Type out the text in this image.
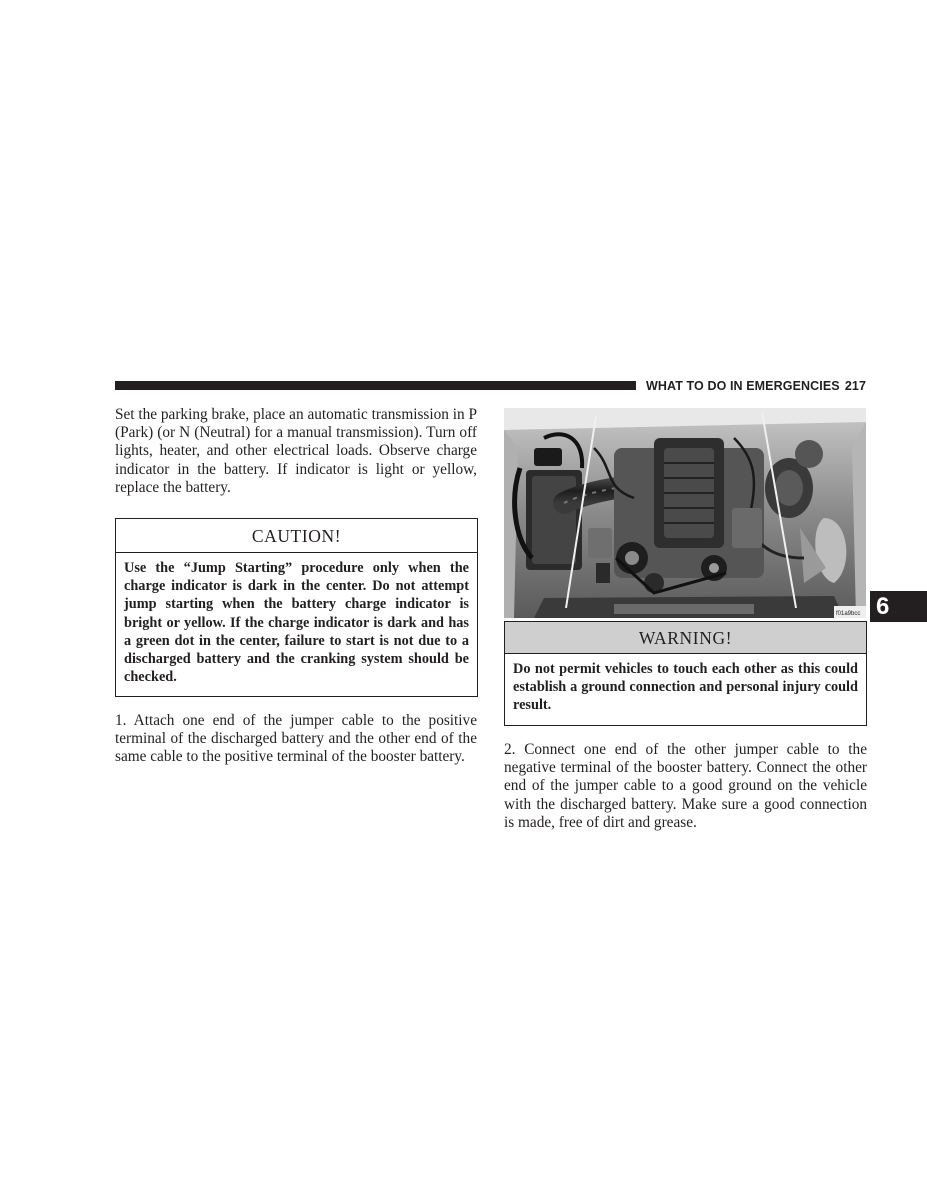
WHAT TO DO IN EMERGENCIES 217

Set the parking brake, place an automatic transmission in P (Park) (or N (Neutral) for a manual transmission). Turn off lights, heater, and other electrical loads. Observe charge indicator in the battery. If indicator is light or yellow, replace the battery.

CAUTION!

Use the “Jump Starting” procedure only when the charge indicator is dark in the center. Do not attempt jump starting when the battery charge indicator is bright or yellow. If the charge indicator is dark and has a green dot in the center, failure to start is not due to a discharged battery and the cranking system should be checked.

1. Attach one end of the jumper cable to the positive terminal of the discharged battery and the other end of the same cable to the positive terminal of the booster battery.

f01a9bcc
WARNING!

Do not permit vehicles to touch each other as this could establish a ground connection and personal injury could result.

2. Connect one end of the other jumper cable to the negative terminal of the booster battery. Connect the other end of the jumper cable to a good ground on the vehicle with the discharged battery. Make sure a good connection is made, free of dirt and grease.

6
